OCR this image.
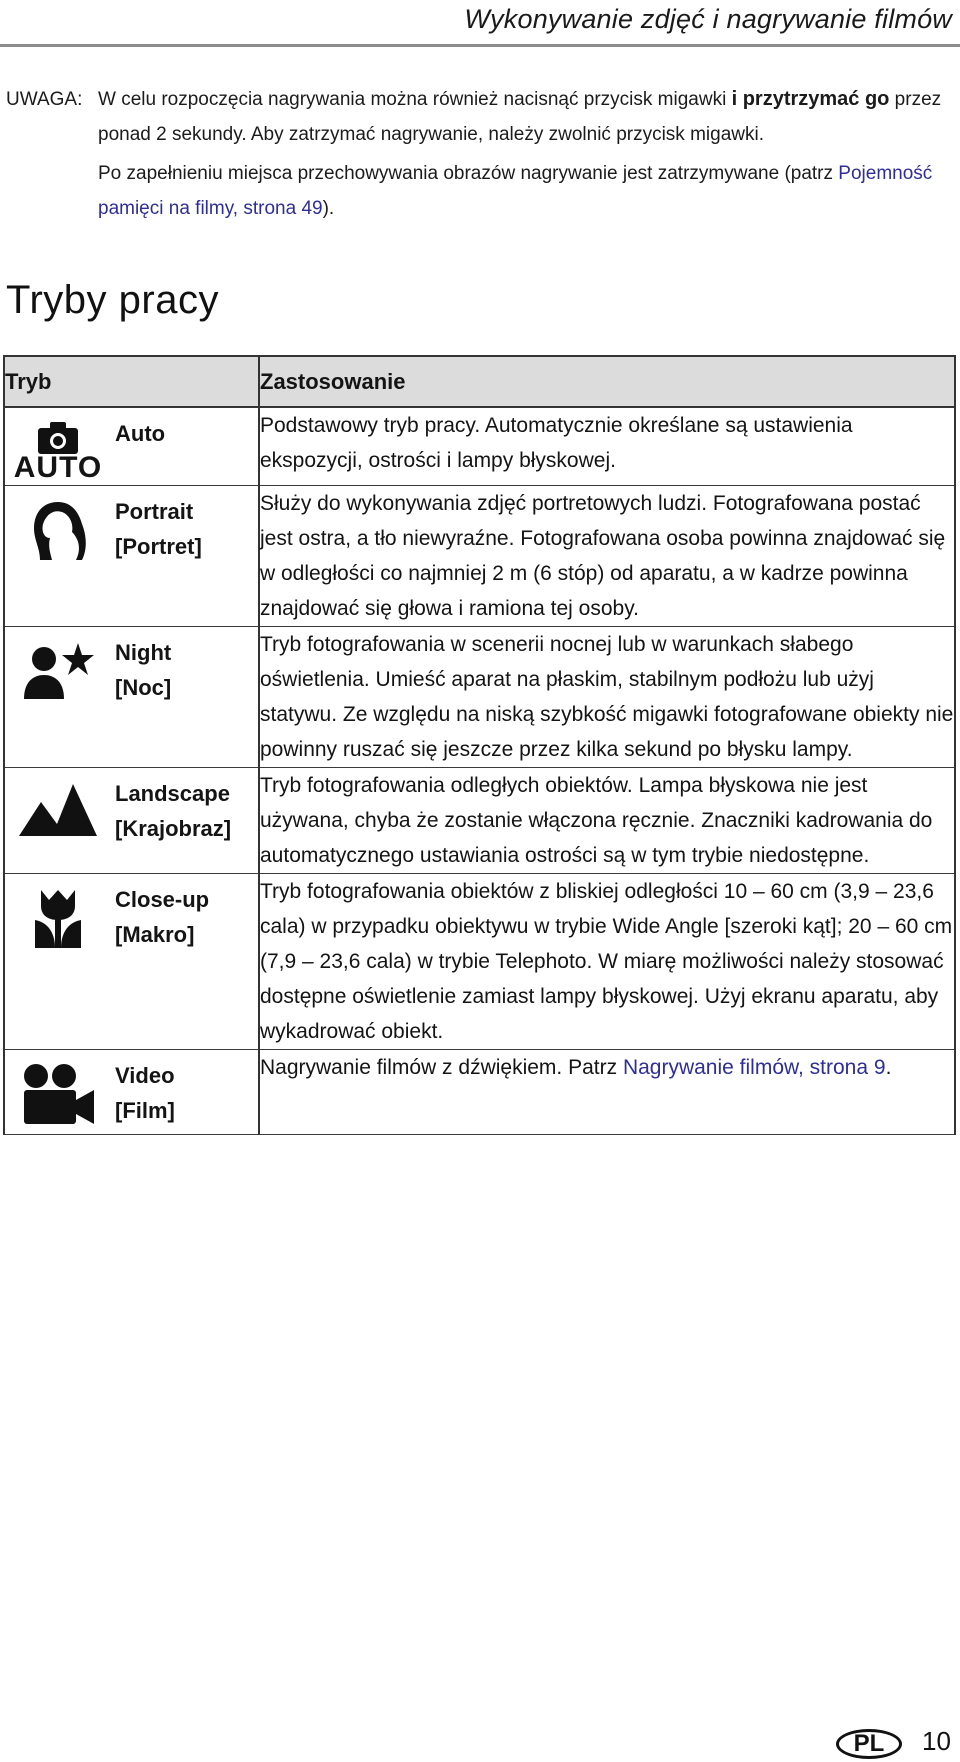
Wykonywanie zdjęć i nagrywanie filmów
UWAGA: W celu rozpoczęcia nagrywania można również nacisnąć przycisk migawki i przytrzymać go przez ponad 2 sekundy. Aby zatrzymać nagrywanie, należy zwolnić przycisk migawki.
Po zapełnieniu miejsca przechowywania obrazów nagrywanie jest zatrzymywane (patrz Pojemność pamięci na filmy, strona 49).
Tryby pracy
Tryb	Zastosowanie

AUTO
Auto	Podstawowy tryb pracy. Automatycznie określane są ustawienia ekspozycji, ostrości i lampy błyskowej.

Portrait
[Portret]	Służy do wykonywania zdjęć portretowych ludzi. Fotografowana postać jest ostra, a tło niewyraźne. Fotografowana osoba powinna znajdować się w odległości co najmniej 2 m (6 stóp) od aparatu, a w kadrze powinna znajdować się głowa i ramiona tej osoby.

Night
[Noc]	Tryb fotografowania w scenerii nocnej lub w warunkach słabego oświetlenia. Umieść aparat na płaskim, stabilnym podłożu lub użyj statywu. Ze względu na niską szybkość migawki fotografowane obiekty nie powinny ruszać się jeszcze przez kilka sekund po błysku lampy.

Landscape
[Krajobraz]	Tryb fotografowania odległych obiektów. Lampa błyskowa nie jest używana, chyba że zostanie włączona ręcznie. Znaczniki kadrowania do automatycznego ustawiania ostrości są w tym trybie niedostępne.

Close-up
[Makro]	Tryb fotografowania obiektów z bliskiej odległości 10 – 60 cm (3,9 – 23,6 cala) w przypadku obiektywu w trybie Wide Angle [szeroki kąt]; 20 – 60 cm (7,9 – 23,6 cala) w trybie Telephoto. W miarę możliwości należy stosować dostępne oświetlenie zamiast lampy błyskowej. Użyj ekranu aparatu, aby wykadrować obiekt.

Video
[Film]	Nagrywanie filmów z dźwiękiem. Patrz Nagrywanie filmów, strona 9.
PL	10
